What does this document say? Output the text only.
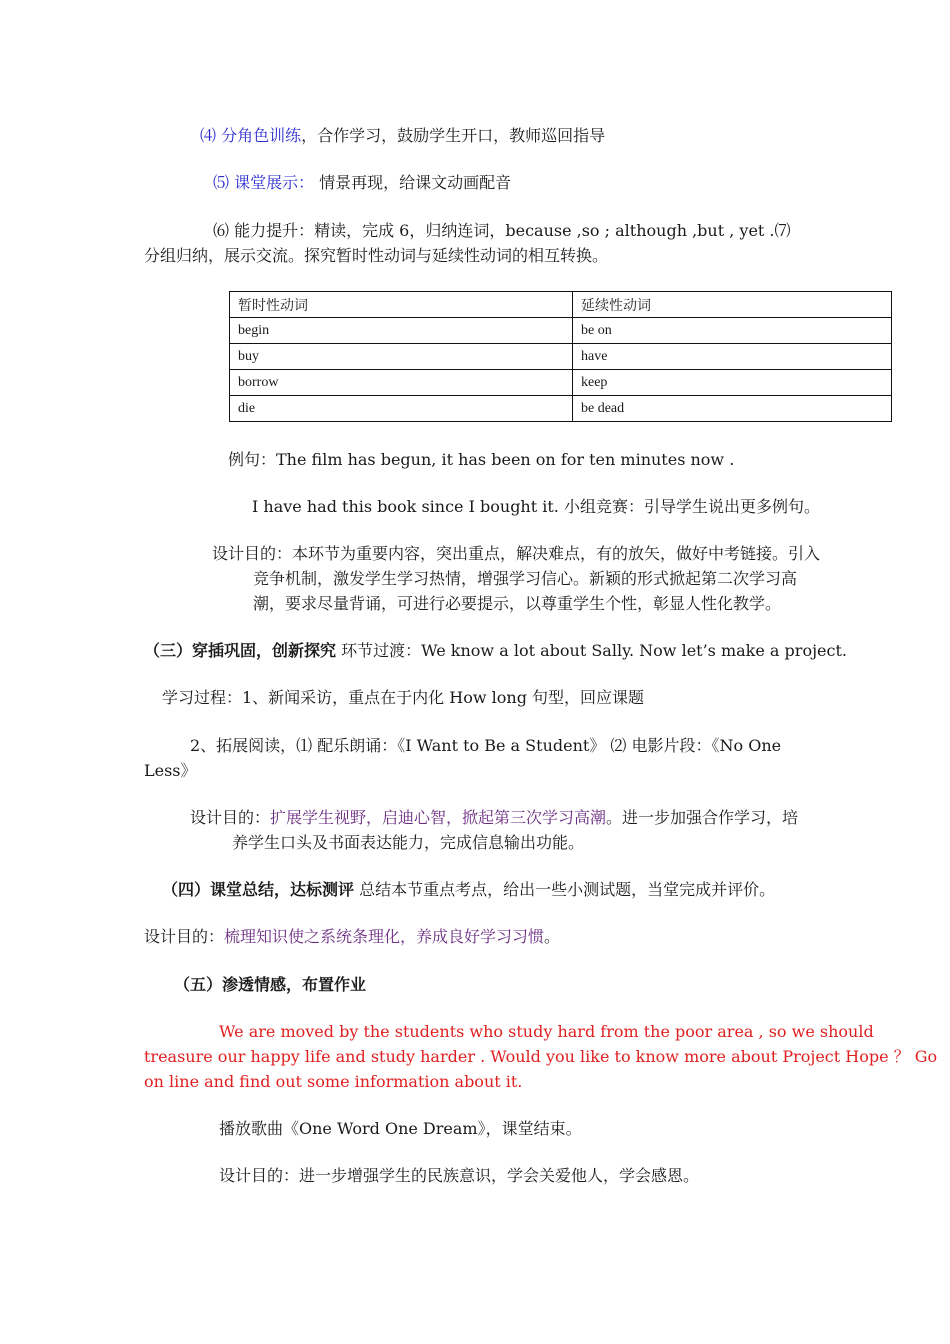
⑷ 分角色训练，合作学习，鼓励学生开口，教师巡回指导
⑸ 课堂展示： 情景再现，给课文动画配音
⑹ 能力提升：精读，完成 6，归纳连词，because ,so ; although ,but , yet .⑺
分组归纳，展示交流。探究暂时性动词与延续性动词的相互转换。
暂时性动词	延续性动词
begin	be on
buy	have
borrow	keep
die	be dead
例句：The film has begun, it has been on for ten minutes now .
I have had this book since I bought it. 小组竞赛：引导学生说出更多例句。
设计目的：本环节为重要内容，突出重点，解决难点，有的放矢，做好中考链接。引入
竞争机制，激发学生学习热情，增强学习信心。新颖的形式掀起第二次学习高
潮，要求尽量背诵，可进行必要提示，以尊重学生个性，彰显人性化教学。
（三）穿插巩固，创新探究 环节过渡：We know a lot about Sally. Now let’s make a project.
学习过程：1、新闻采访，重点在于内化 How long 句型，回应课题
2、拓展阅读，⑴ 配乐朗诵：《I Want to Be a Student》 ⑵ 电影片段：《No One
Less》
设计目的：扩展学生视野，启迪心智，掀起第三次学习高潮。进一步加强合作学习，培
养学生口头及书面表达能力，完成信息输出功能。
（四）课堂总结，达标测评 总结本节重点考点，给出一些小测试题，当堂完成并评价。
设计目的：梳理知识使之系统条理化，养成良好学习习惯。
（五）渗透情感，布置作业
We are moved by the students who study hard from the poor area , so we should
treasure our happy life and study harder . Would you like to know more about Project Hope ？ Go
on line and find out some information about it.
播放歌曲《One Word One Dream》，课堂结束。
设计目的：进一步增强学生的民族意识，学会关爱他人，学会感恩。
